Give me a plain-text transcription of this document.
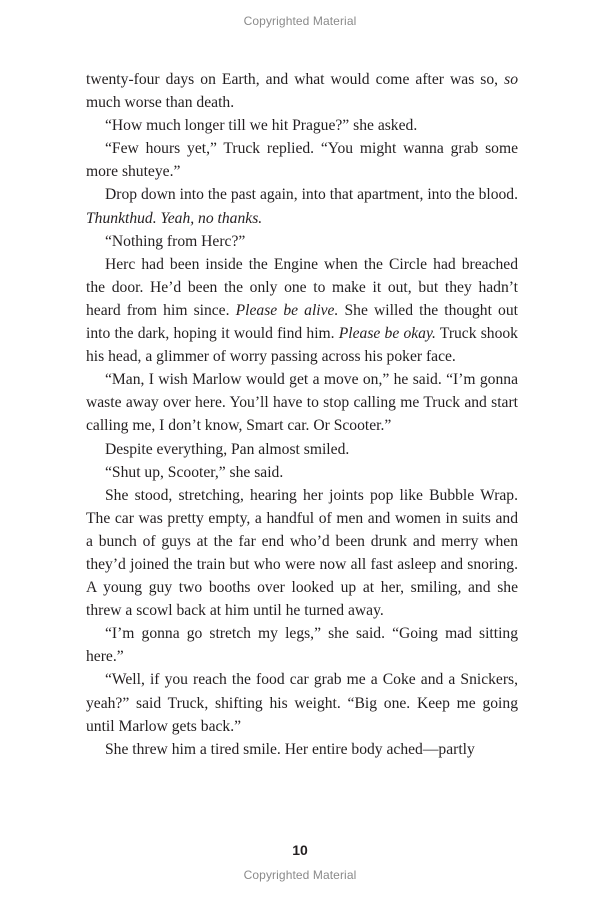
Copyrighted Material

twenty-four days on Earth, and what would come after was so, so much worse than death.

“How much longer till we hit Prague?” she asked.

“Few hours yet,” Truck replied. “You might wanna grab some more shuteye.”

Drop down into the past again, into that apartment, into the blood. Thunkthud. Yeah, no thanks.

“Nothing from Herc?”

Herc had been inside the Engine when the Circle had breached the door. He’d been the only one to make it out, but they hadn’t heard from him since. Please be alive. She willed the thought out into the dark, hoping it would find him. Please be okay. Truck shook his head, a glimmer of worry passing across his poker face.

“Man, I wish Marlow would get a move on,” he said. “I’m gonna waste away over here. You’ll have to stop calling me Truck and start calling me, I don’t know, Smart car. Or Scooter.”

Despite everything, Pan almost smiled.

“Shut up, Scooter,” she said.

She stood, stretching, hearing her joints pop like Bubble Wrap. The car was pretty empty, a handful of men and women in suits and a bunch of guys at the far end who’d been drunk and merry when they’d joined the train but who were now all fast asleep and snoring. A young guy two booths over looked up at her, smiling, and she threw a scowl back at him until he turned away.

“I’m gonna go stretch my legs,” she said. “Going mad sitting here.”

“Well, if you reach the food car grab me a Coke and a Snickers, yeah?” said Truck, shifting his weight. “Big one. Keep me going until Marlow gets back.”

She threw him a tired smile. Her entire body ached—partly

10
Copyrighted Material
